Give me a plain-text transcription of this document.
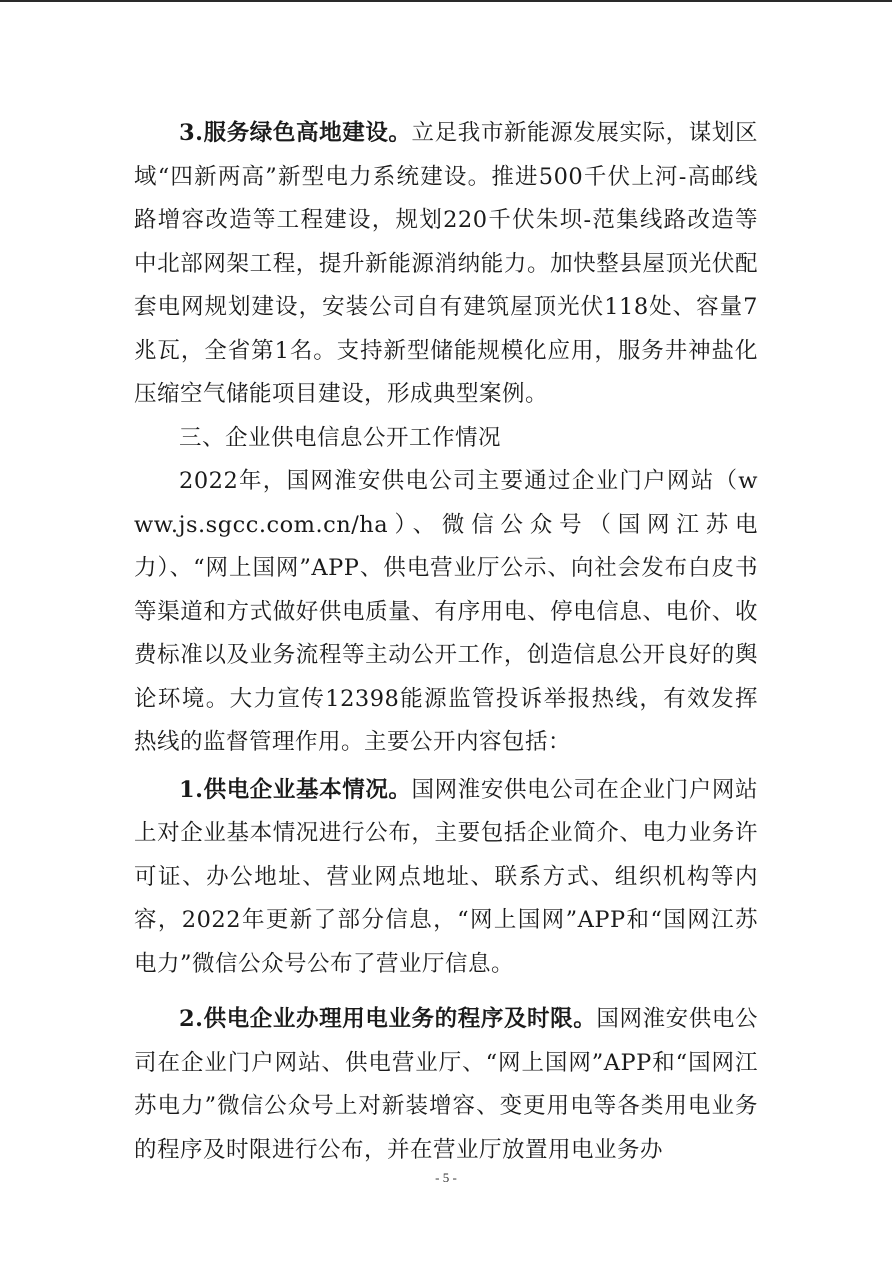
3.服务绿色高地建设。立足我市新能源发展实际，谋划区域“四新两高”新型电力系统建设。推进500千伏上河-高邮线路增容改造等工程建设，规划220千伏朱坝-范集线路改造等中北部网架工程，提升新能源消纳能力。加快整县屋顶光伏配套电网规划建设，安装公司自有建筑屋顶光伏118处、容量7兆瓦，全省第1名。支持新型储能规模化应用，服务井神盐化压缩空气储能项目建设，形成典型案例。

三、企业供电信息公开工作情况

2022年，国网淮安供电公司主要通过企业门户网站（www.js.sgcc.com.cn/ha）、微信公众号（国网江苏电力）、“网上国网”APP、供电营业厅公示、向社会发布白皮书等渠道和方式做好供电质量、有序用电、停电信息、电价、收费标准以及业务流程等主动公开工作，创造信息公开良好的舆论环境。大力宣传12398能源监管投诉举报热线，有效发挥热线的监督管理作用。主要公开内容包括：

1.供电企业基本情况。国网淮安供电公司在企业门户网站上对企业基本情况进行公布，主要包括企业简介、电力业务许可证、办公地址、营业网点地址、联系方式、组织机构等内容，2022年更新了部分信息，“网上国网”APP和“国网江苏电力”微信公众号公布了营业厅信息。

2.供电企业办理用电业务的程序及时限。国网淮安供电公司在企业门户网站、供电营业厅、“网上国网”APP和“国网江苏电力”微信公众号上对新装增容、变更用电等各类用电业务的程序及时限进行公布，并在营业厅放置用电业务办

- 5 -
